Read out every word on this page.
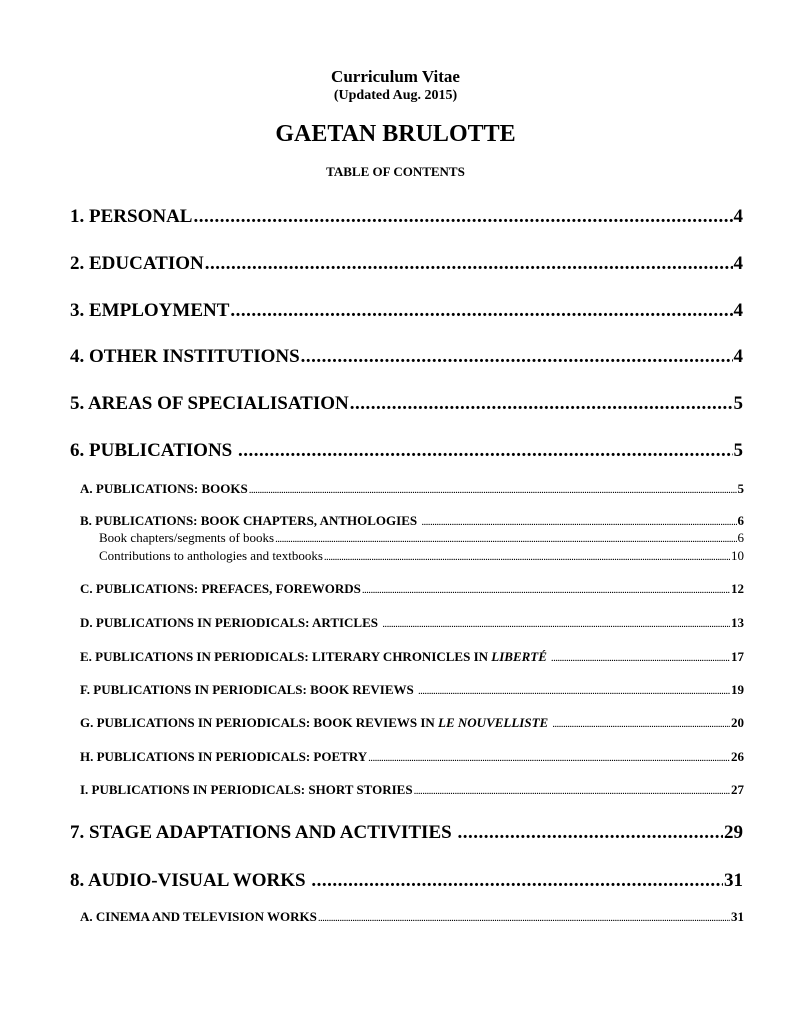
Curriculum Vitae
(Updated Aug. 2015)
GAETAN BRULOTTE
TABLE OF CONTENTS
1. PERSONAL .....	4
2. EDUCATION .....	4
3. EMPLOYMENT .....	4
4. OTHER INSTITUTIONS .....	4
5. AREAS OF SPECIALISATION .....	5
6. PUBLICATIONS .....	5
A. PUBLICATIONS: BOOKS .....	5
B. PUBLICATIONS: BOOK CHAPTERS, ANTHOLOGIES .....	6
Book chapters/segments of books .....	6
Contributions to anthologies and textbooks .....	10
C. PUBLICATIONS: PREFACES, FOREWORDS .....	12
D. PUBLICATIONS IN PERIODICALS: ARTICLES .....	13
E. PUBLICATIONS IN PERIODICALS: LITERARY CHRONICLES IN LIBERTÉ .....	17
F. PUBLICATIONS IN PERIODICALS: BOOK REVIEWS .....	19
G. PUBLICATIONS IN PERIODICALS: BOOK REVIEWS IN LE NOUVELLISTE .....	20
H. PUBLICATIONS IN PERIODICALS: POETRY .....	26
I. PUBLICATIONS IN PERIODICALS: SHORT STORIES .....	27
7. STAGE ADAPTATIONS AND ACTIVITIES .....	29
8. AUDIO-VISUAL WORKS .....	31
A. CINEMA AND TELEVISION WORKS .....	31
